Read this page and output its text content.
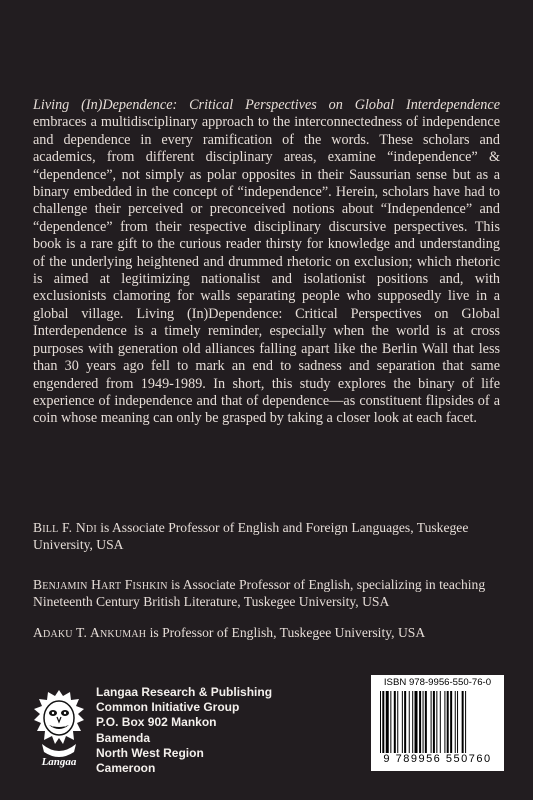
Living (In)Dependence: Critical Perspectives on Global Interdependence embraces a multidisciplinary approach to the interconnectedness of independence and dependence in every ramification of the words. These scholars and academics, from different disciplinary areas, examine “independence” & “dependence”, not simply as polar opposites in their Saussurian sense but as a binary embedded in the concept of “independence”. Herein, scholars have had to challenge their perceived or preconceived notions about “Independence” and “dependence” from their respective disciplinary discursive perspectives. This book is a rare gift to the curious reader thirsty for knowledge and understanding of the underlying heightened and drummed rhetoric on exclusion; which rhetoric is aimed at legitimizing nationalist and isolationist positions and, with exclusionists clamoring for walls separating people who supposedly live in a global village. Living (In)Dependence: Critical Perspectives on Global Interdependence is a timely reminder, especially when the world is at cross purposes with generation old alliances falling apart like the Berlin Wall that less than 30 years ago fell to mark an end to sadness and separation that same engendered from 1949-1989. In short, this study explores the binary of life experience of independence and that of dependence—as constituent flipsides of a coin whose meaning can only be grasped by taking a closer look at each facet.

Bill F. Ndi is Associate Professor of English and Foreign Languages, Tuskegee University, USA

Benjamin Hart Fishkin is Associate Professor of English, specializing in teaching Nineteenth Century British Literature, Tuskegee University, USA

Adaku T. Ankumah is Professor of English, Tuskegee University, USA

Langaa
Langaa Research & Publishing
Common Initiative Group
P.O. Box 902 Mankon
Bamenda
North West Region
Cameroon
ISBN 978-9956-550-76-0
9 789956 550760
